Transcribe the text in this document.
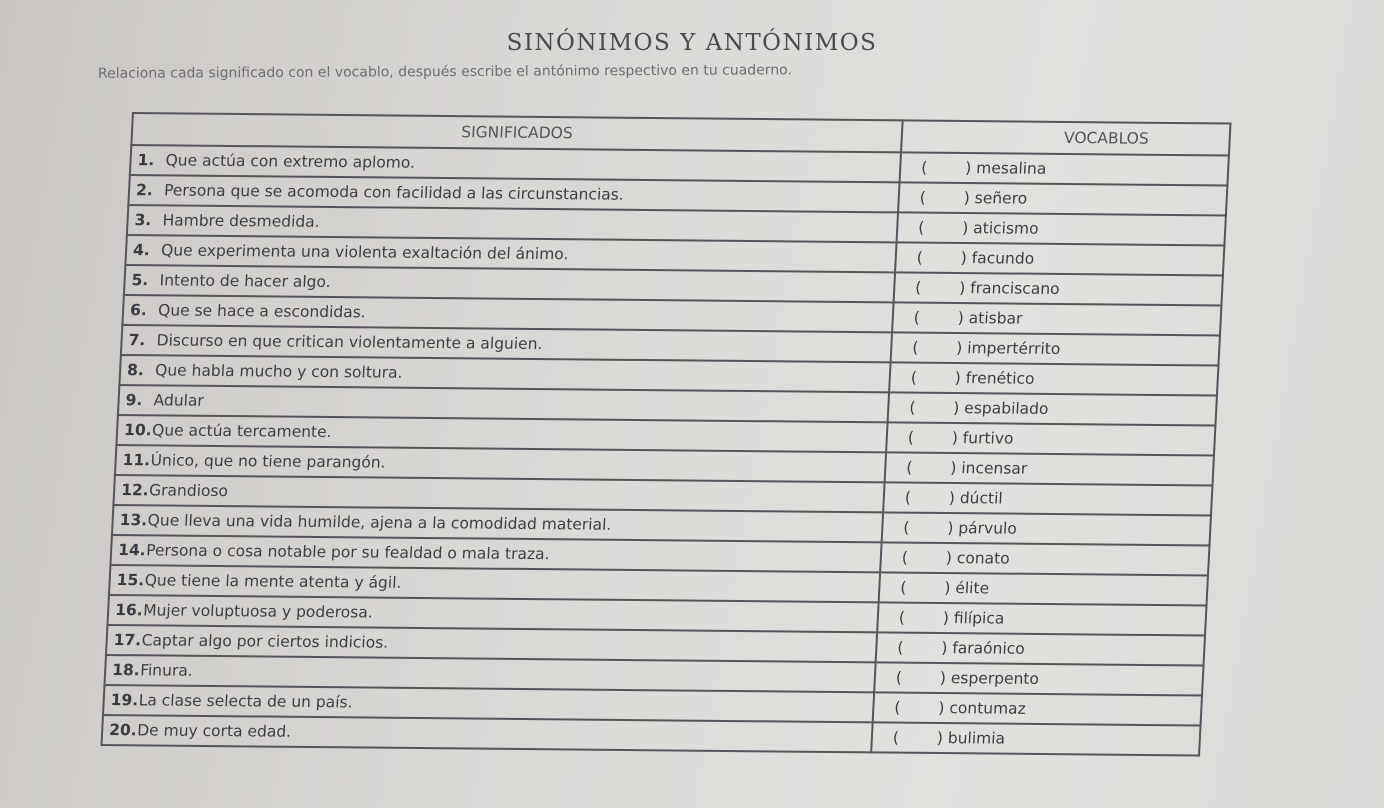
SINÓNIMOS Y ANTÓNIMOS
Relaciona cada significado con el vocablo, después escribe el antónimo respectivo en tu cuaderno.
SIGNIFICADOS	VOCABLOS
1. Que actúa con extremo aplomo.	( ) mesalina
2. Persona que se acomoda con facilidad a las circunstancias.	( ) señero
3. Hambre desmedida.	( ) aticismo
4. Que experimenta una violenta exaltación del ánimo.	( ) facundo
5. Intento de hacer algo.	( ) franciscano
6. Que se hace a escondidas.	( ) atisbar
7. Discurso en que critican violentamente a alguien.	( ) impertérrito
8. Que habla mucho y con soltura.	( ) frenético
9. Adular	( ) espabilado
10.Que actúa tercamente.	( ) furtivo
11.Único, que no tiene parangón.	( ) incensar
12.Grandioso	( ) dúctil
13.Que lleva una vida humilde, ajena a la comodidad material.	( ) párvulo
14.Persona o cosa notable por su fealdad o mala traza.	( ) conato
15.Que tiene la mente atenta y ágil.	( ) élite
16.Mujer voluptuosa y poderosa.	( ) filípica
17.Captar algo por ciertos indicios.	( ) faraónico
18.Finura.	( ) esperpento
19.La clase selecta de un país.	( ) contumaz
20.De muy corta edad.	( ) bulimia
